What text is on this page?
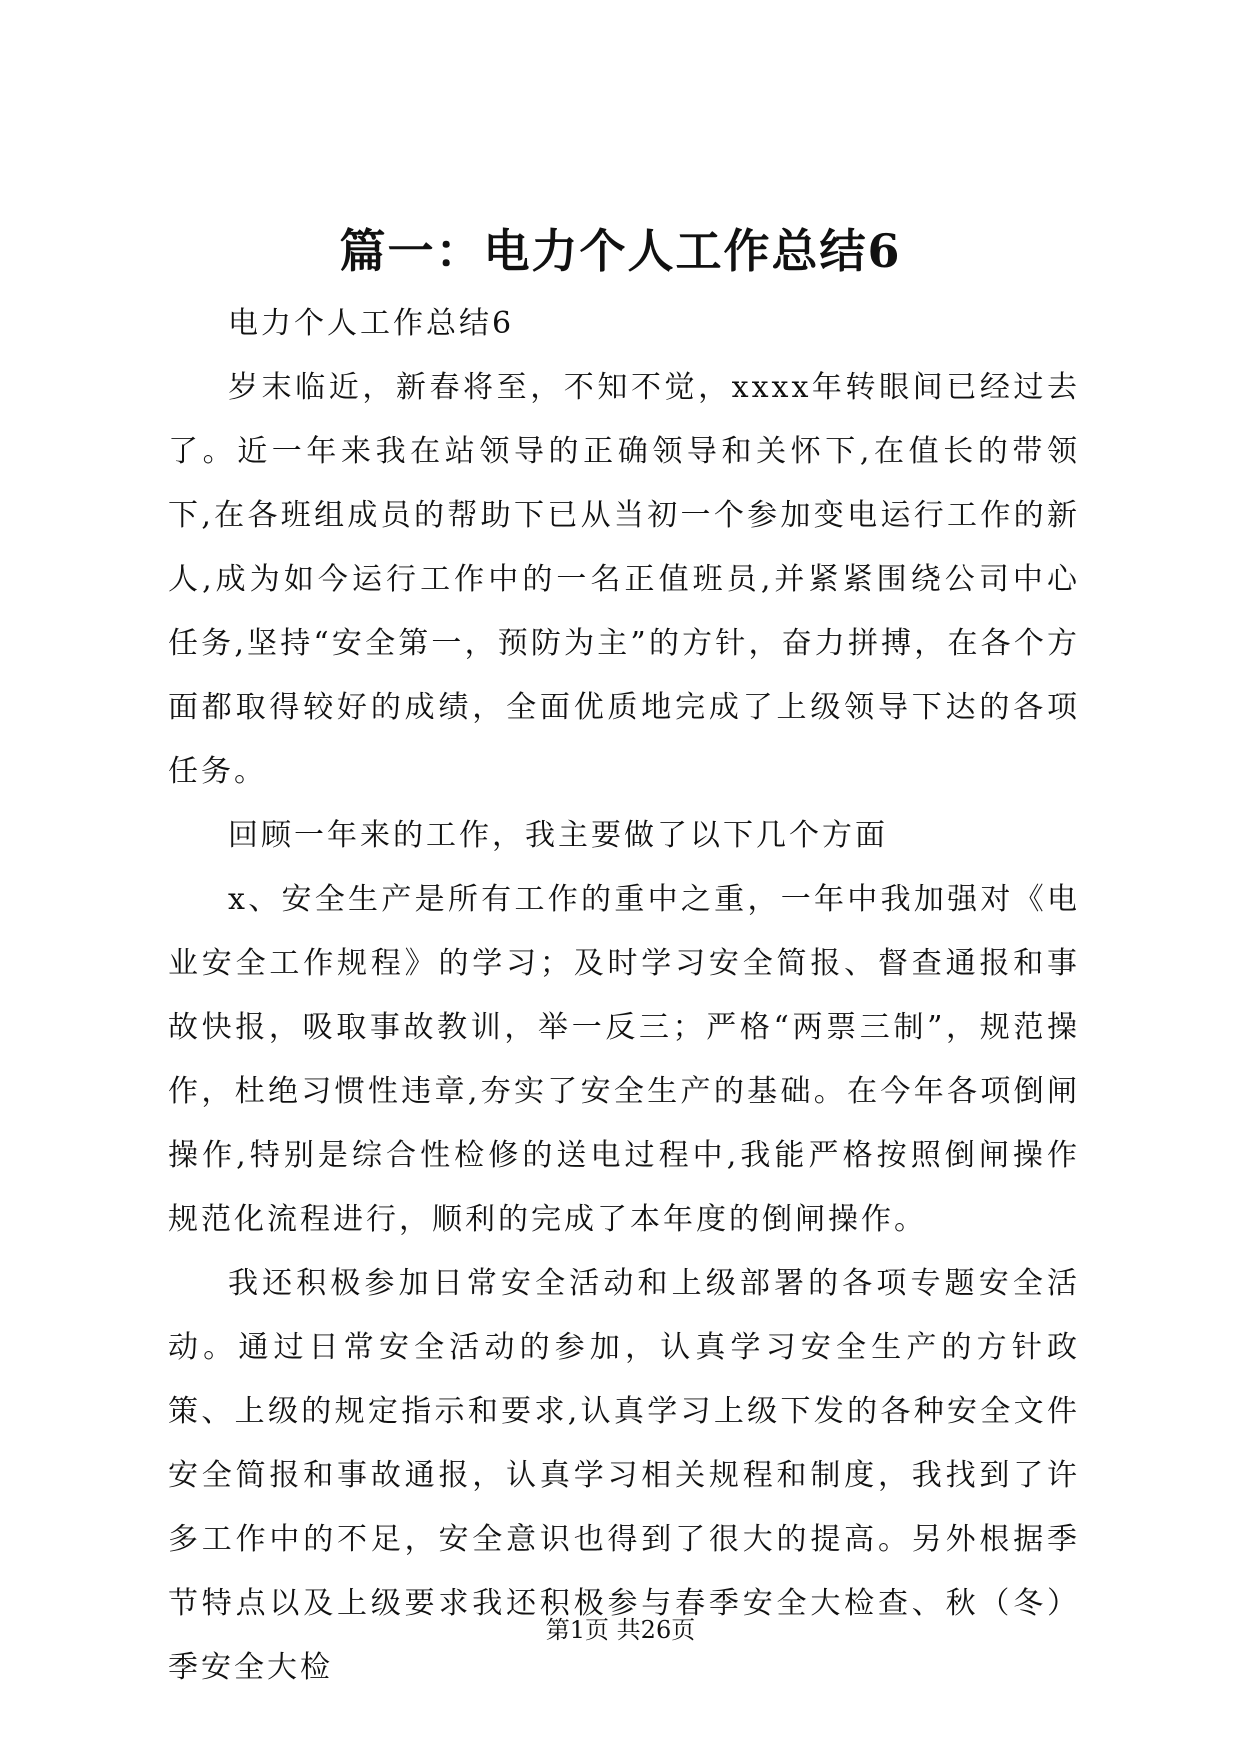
篇一：电力个人工作总结6

电力个人工作总结6

岁末临近，新春将至，不知不觉，xxxx年转眼间已经过去了。近一年来我在站领导的正确领导和关怀下,在值长的带领下,在各班组成员的帮助下已从当初一个参加变电运行工作的新人,成为如今运行工作中的一名正值班员,并紧紧围绕公司中心任务,坚持“安全第一，预防为主”的方针，奋力拼搏，在各个方面都取得较好的成绩，全面优质地完成了上级领导下达的各项任务。

回顾一年来的工作，我主要做了以下几个方面

x、安全生产是所有工作的重中之重，一年中我加强对《电业安全工作规程》的学习；及时学习安全简报、督查通报和事故快报，吸取事故教训，举一反三；严格“两票三制”，规范操作，杜绝习惯性违章,夯实了安全生产的基础。在今年各项倒闸操作,特别是综合性检修的送电过程中,我能严格按照倒闸操作规范化流程进行，顺利的完成了本年度的倒闸操作。

我还积极参加日常安全活动和上级部署的各项专题安全活动。通过日常安全活动的参加，认真学习安全生产的方针政策、上级的规定指示和要求,认真学习上级下发的各种安全文件安全简报和事故通报，认真学习相关规程和制度，我找到了许多工作中的不足，安全意识也得到了很大的提高。另外根据季节特点以及上级要求我还积极参与春季安全大检查、秋（冬）季安全大检

第1页 共26页
